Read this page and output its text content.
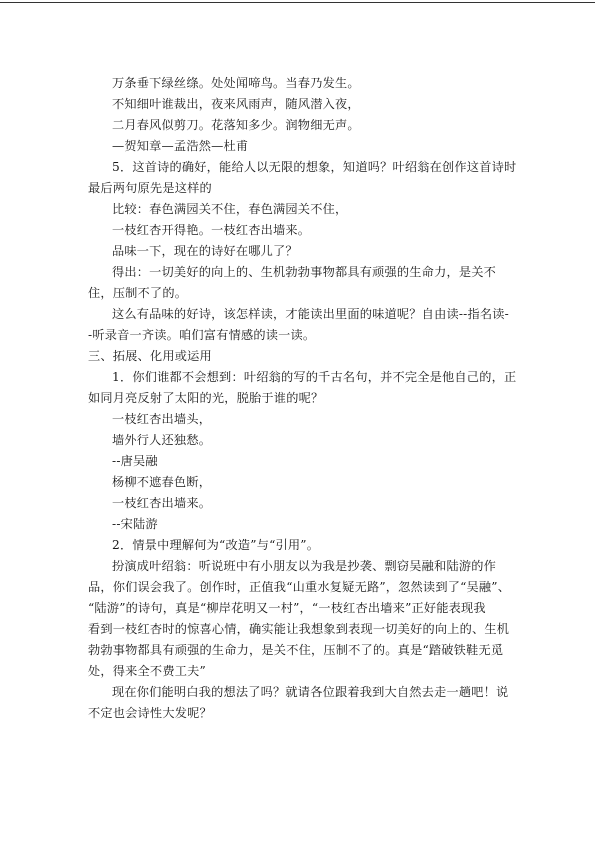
万条垂下绿丝绦。处处闻啼鸟。当春乃发生。
不知细叶谁裁出，夜来风雨声，随风潜入夜，
二月春风似剪刀。花落知多少。润物细无声。
—贺知章—孟浩然—杜甫
5．这首诗的确好，能给人以无限的想象，知道吗？叶绍翁在创作这首诗时
最后两句原先是这样的
比较：春色满园关不住，春色满园关不住，
一枝红杏开得艳。一枝红杏出墙来。
品味一下，现在的诗好在哪儿了？
得出：一切美好的向上的、生机勃勃事物都具有顽强的生命力，是关不
住，压制不了的。
这么有品味的好诗，该怎样读，才能读出里面的味道呢？自由读--指名读-
-听录音一齐读。咱们富有情感的读一读。
三、拓展、化用或运用
1．你们谁都不会想到：叶绍翁的写的千古名句，并不完全是他自己的，正
如同月亮反射了太阳的光，脱胎于谁的呢？
一枝红杏出墙头，
墙外行人还独愁。
--唐吴融
杨柳不遮春色断，
一枝红杏出墙来。
--宋陆游
2．情景中理解何为“改造”与“引用”。
扮演成叶绍翁：听说班中有小朋友以为我是抄袭、剽窃吴融和陆游的作
品，你们误会我了。创作时，正值我“山重水复疑无路”，忽然读到了“吴融”、
“陆游”的诗句，真是“柳岸花明又一村”，“一枝红杏出墙来”正好能表现我
看到一枝红杏时的惊喜心情，确实能让我想象到表现一切美好的向上的、生机
勃勃事物都具有顽强的生命力，是关不住，压制不了的。真是“踏破铁鞋无觅
处，得来全不费工夫”
现在你们能明白我的想法了吗？就请各位跟着我到大自然去走一趟吧！说
不定也会诗性大发呢？
